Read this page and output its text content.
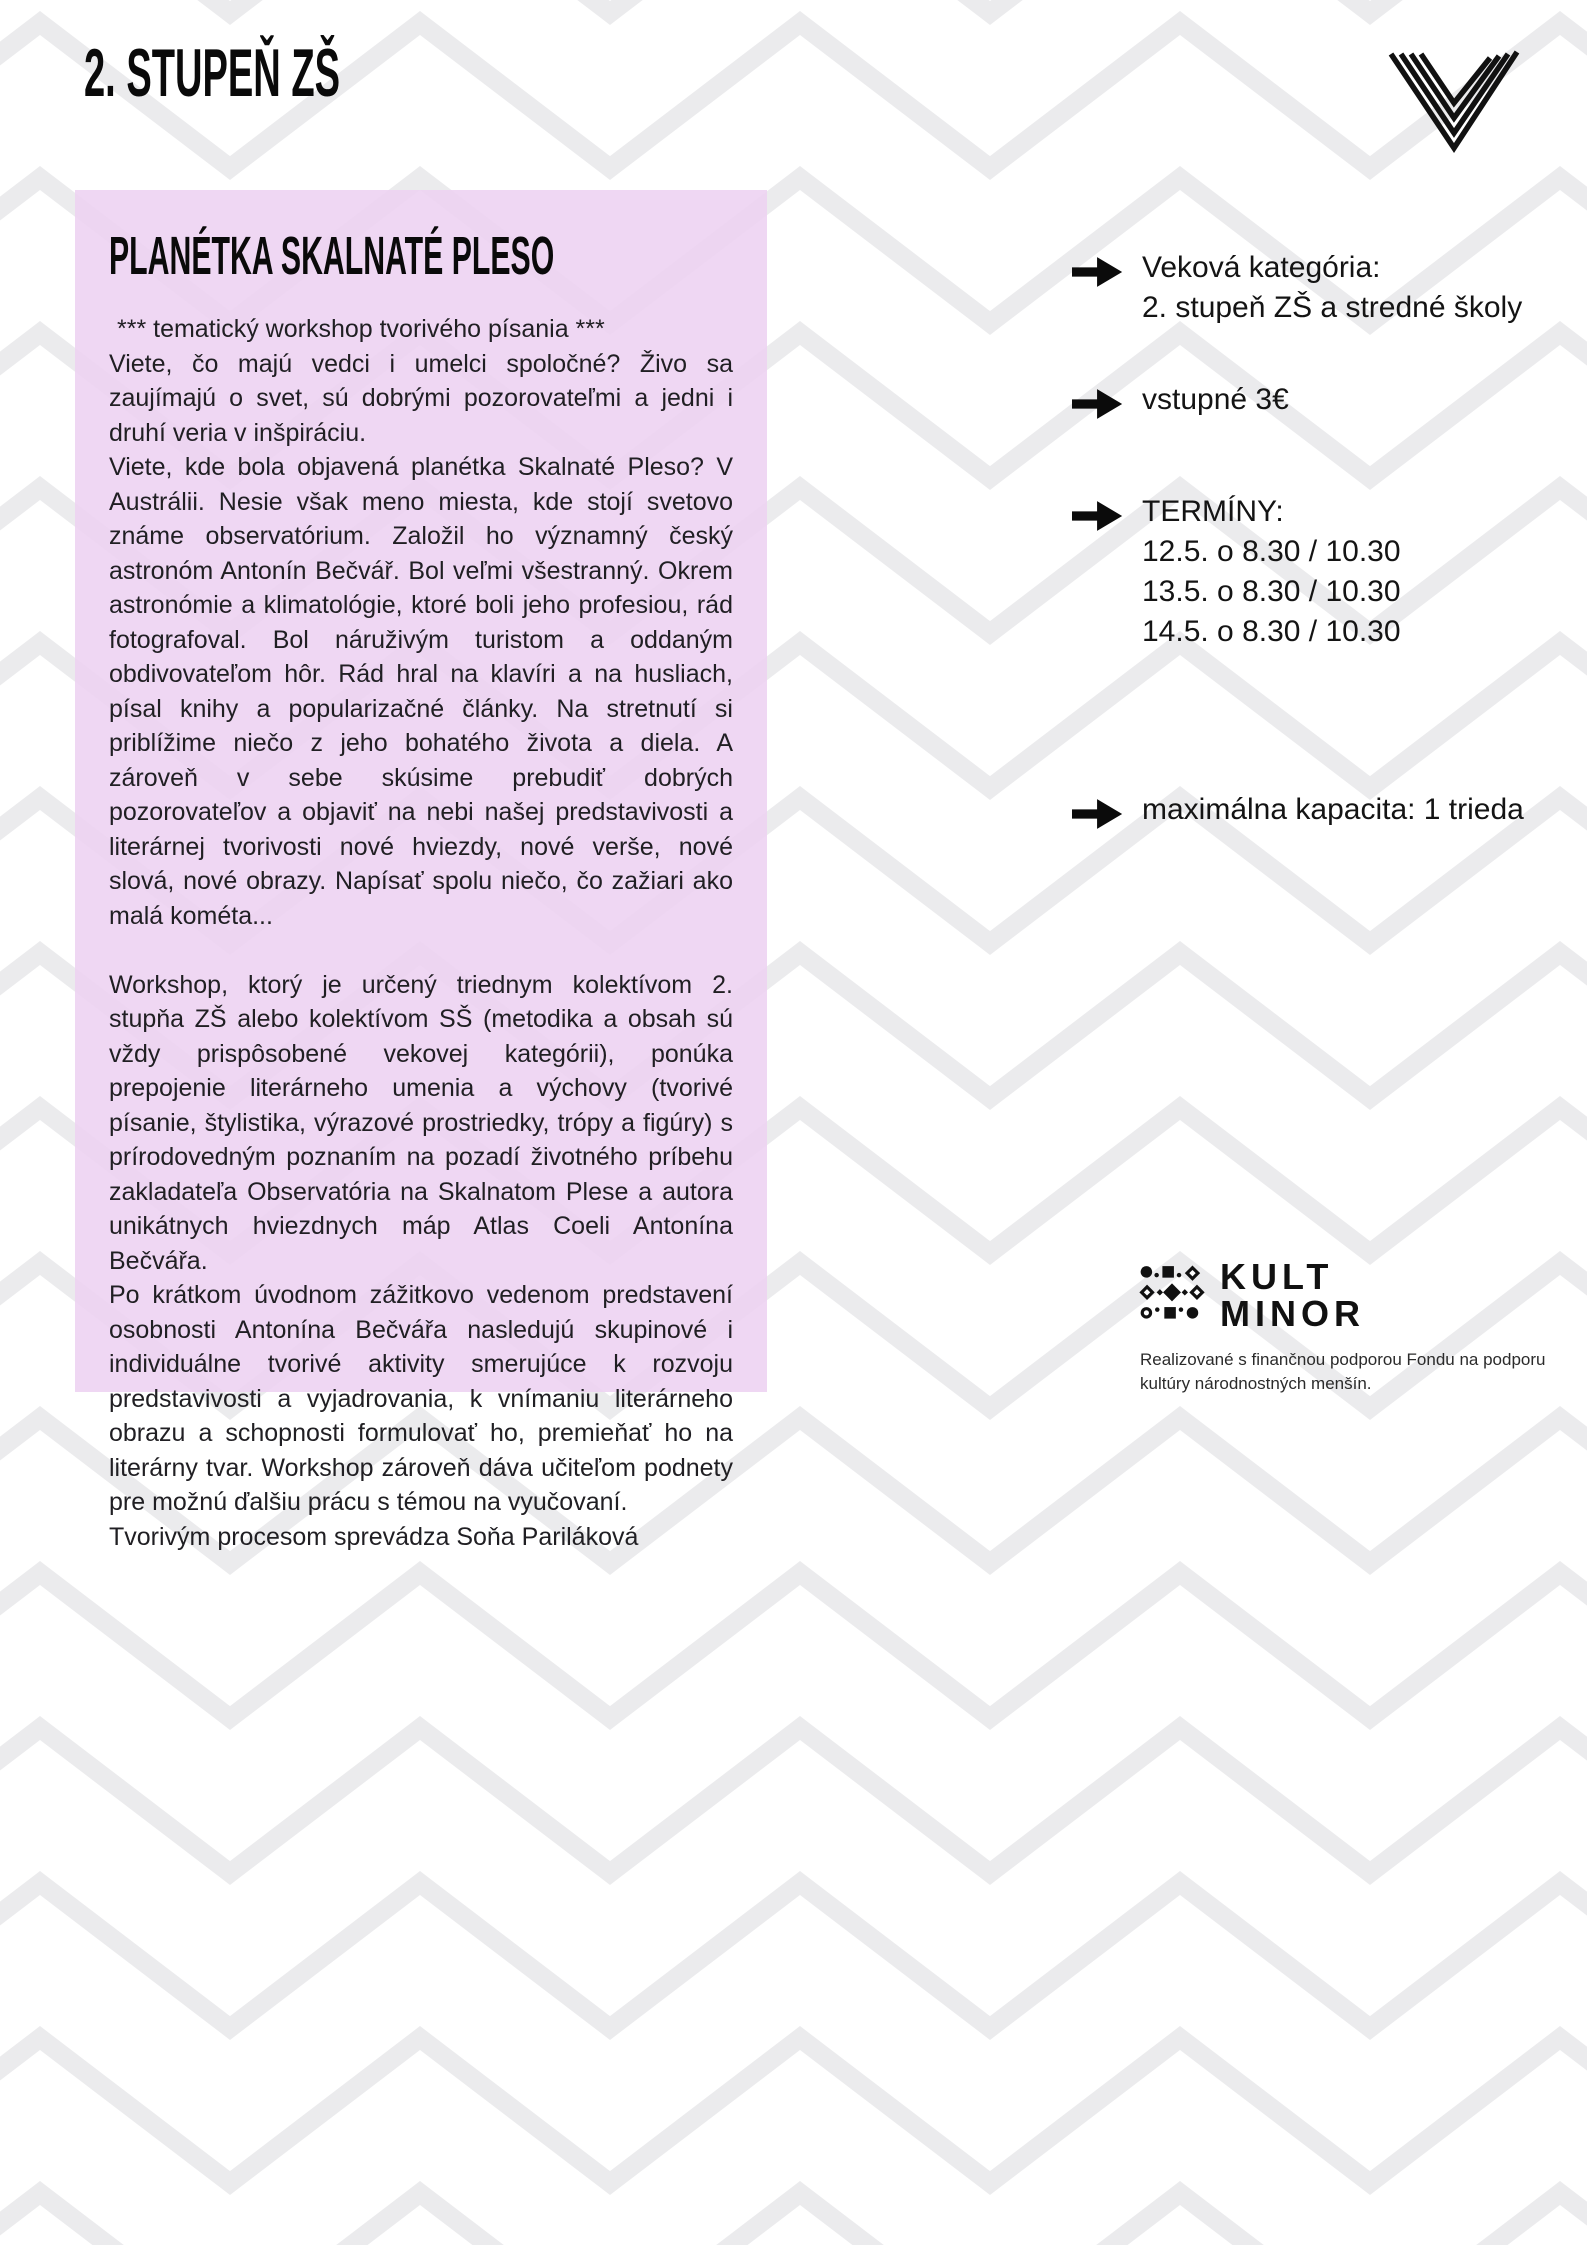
2. STUPEŇ ZŠ
PLANÉTKA SKALNATÉ PLESO

*** tematický workshop tvorivého písania ***

Viete, čo majú vedci i umelci spoločné? Živo sa zaujímajú o svet, sú dobrými pozorovateľmi a jedni i druhí veria v inšpiráciu.

Viete, kde bola objavená planétka Skalnaté Pleso? V Austrálii. Nesie však meno miesta, kde stojí svetovo známe observatórium. Založil ho významný český astronóm Antonín Bečvář. Bol veľmi všestranný. Okrem astronómie a klimatológie, ktoré boli jeho profesiou, rád fotografoval. Bol náruživým turistom a oddaným obdivovateľom hôr. Rád hral na klavíri a na husliach, písal knihy a popularizačné články. Na stretnutí si priblížime niečo z jeho bohatého života a diela. A zároveň v sebe skúsime prebudiť dobrých pozorovateľov a objaviť na nebi našej predstavivosti a literárnej tvorivosti nové hviezdy, nové verše, nové slová, nové obrazy. Napísať spolu niečo, čo zažiari ako malá kométa...

Workshop, ktorý je určený triednym kolektívom 2. stupňa ZŠ alebo kolektívom SŠ (metodika a obsah sú vždy prispôsobené vekovej kategórii), ponúka prepojenie literárneho umenia a výchovy (tvorivé písanie, štylistika, výrazové prostriedky, trópy a figúry) s prírodovedným poznaním na pozadí životného príbehu zakladateľa Observatória na Skalnatom Plese a autora unikátnych hviezdnych máp Atlas Coeli Antonína Bečvářa.

Po krátkom úvodnom zážitkovo vedenom predstavení osobnosti Antonína Bečvářa nasledujú skupinové i individuálne tvorivé aktivity smerujúce k rozvoju predstavivosti a vyjadrovania, k vnímaniu literárneho obrazu a schopnosti formulovať ho, premieňať ho na literárny tvar. Workshop zároveň dáva učiteľom podnety pre možnú ďalšiu prácu s témou na vyučovaní.

Tvorivým procesom sprevádza Soňa Pariláková

Veková kategória:
2. stupeň ZŠ a stredné školy
vstupné 3€
TERMÍNY:
12.5. o 8.30 / 10.30
13.5. o 8.30 / 10.30
14.5. o 8.30 / 10.30
maximálna kapacita: 1 trieda
KULT
MINOR
Realizované s finančnou podporou Fondu na podporu kultúry národnostných menšín.
